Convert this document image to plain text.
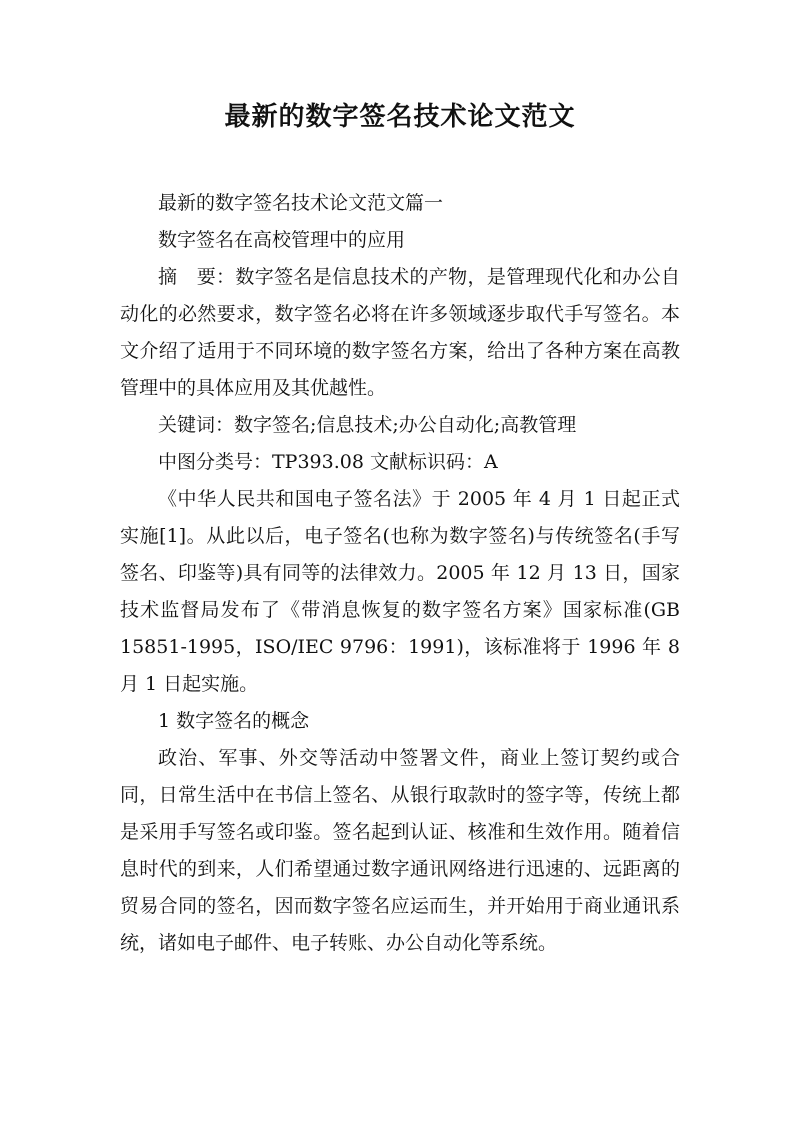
最新的数字签名技术论文范文

最新的数字签名技术论文范文篇一

数字签名在高校管理中的应用

摘　要：数字签名是信息技术的产物，是管理现代化和办公自动化的必然要求，数字签名必将在许多领域逐步取代手写签名。本文介绍了适用于不同环境的数字签名方案，给出了各种方案在高教管理中的具体应用及其优越性。

关键词：数字签名;信息技术;办公自动化;高教管理

中图分类号：TP393.08 文献标识码：A

《中华人民共和国电子签名法》于 2005 年 4 月 1 日起正式实施[1]。从此以后，电子签名(也称为数字签名)与传统签名(手写签名、印鉴等)具有同等的法律效力。2005 年 12 月 13 日，国家技术监督局发布了《带消息恢复的数字签名方案》国家标准(GB 15851-1995，ISO/IEC 9796：1991)，该标准将于 1996 年 8 月 1 日起实施。

1 数字签名的概念

政治、军事、外交等活动中签署文件，商业上签订契约或合同，日常生活中在书信上签名、从银行取款时的签字等，传统上都是采用手写签名或印鉴。签名起到认证、核准和生效作用。随着信息时代的到来，人们希望通过数字通讯网络进行迅速的、远距离的贸易合同的签名，因而数字签名应运而生，并开始用于商业通讯系统，诸如电子邮件、电子转账、办公自动化等系统。
